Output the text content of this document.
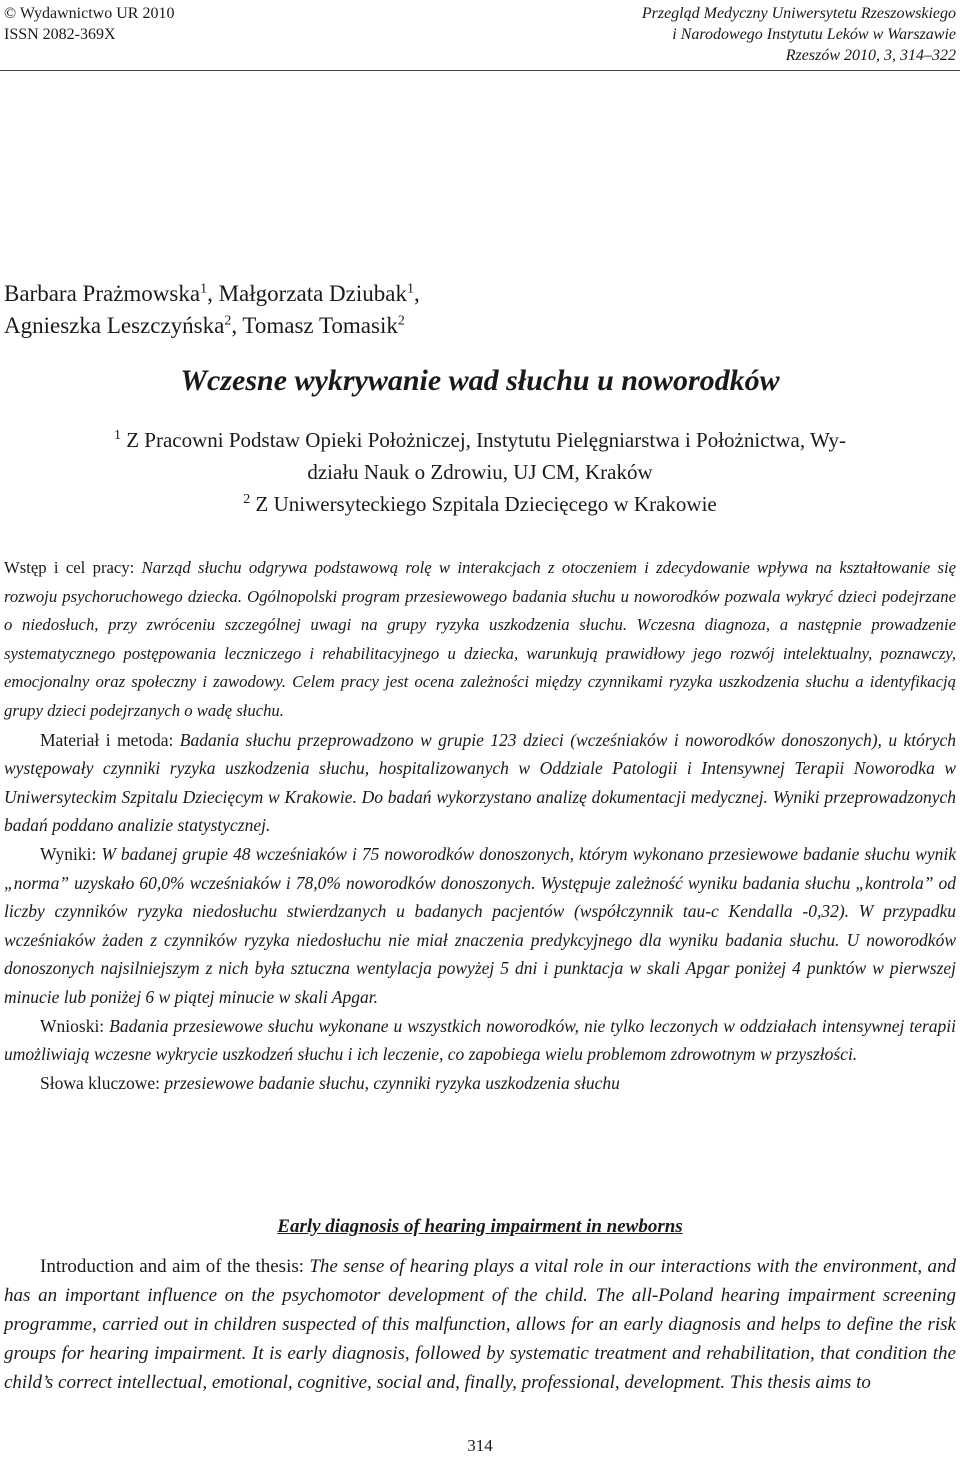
© Wydawnictwo UR 2010
ISSN 2082-369X
Przegląd Medyczny Uniwersytetu Rzeszowskiego
i Narodowego Instytutu Leków w Warszawie
Rzeszów 2010, 3, 314–322
Barbara Prażmowska$^1$, Małgorzata Dziubak$^1$,
Agnieszka Leszczyńska$^2$, Tomasz Tomasik$^2$
Wczesne wykrywanie wad słuchu u noworodków
$^1$ Z Pracowni Podstaw Opieki Położniczej, Instytutu Pielęgniarstwa i Położnictwa, Wy-
działu Nauk o Zdrowiu, UJ CM, Kraków
$^2$ Z Uniwersyteckiego Szpitala Dziecięcego w Krakowie

Wstęp i cel pracy: Narząd słuchu odgrywa podstawową rolę w interakcjach z otoczeniem i zdecydowanie wpływa na kształtowanie się rozwoju psychoruchowego dziecka. Ogólnopolski program przesiewowego badania słuchu u noworodków pozwala wykryć dzieci podejrzane o niedosłuch, przy zwróceniu szczególnej uwagi na grupy ryzyka uszkodzenia słuchu. Wczesna diagnoza, a następnie prowadzenie systematycznego postępowania leczniczego i rehabilitacyjnego u dziecka, warunkują prawidłowy jego rozwój intelektualny, poznawczy, emocjonalny oraz społeczny i zawodowy. Celem pracy jest ocena zależności między czynnikami ryzyka uszkodzenia słuchu a identyfikacją grupy dzieci podejrzanych o wadę słuchu.

Materiał i metoda: Badania słuchu przeprowadzono w grupie 123 dzieci (wcześniaków i noworodków donoszonych), u których występowały czynniki ryzyka uszkodzenia słuchu, hospitalizowanych w Oddziale Patologii i Intensywnej Terapii Noworodka w Uniwersyteckim Szpitalu Dziecięcym w Krakowie. Do badań wykorzystano analizę dokumentacji medycznej. Wyniki przeprowadzonych badań poddano analizie statystycznej.

Wyniki: W badanej grupie 48 wcześniaków i 75 noworodków donoszonych, którym wykonano przesiewowe badanie słuchu wynik „norma” uzyskało 60,0% wcześniaków i 78,0% noworodków donoszonych. Występuje zależność wyniku badania słuchu „kontrola” od liczby czynników ryzyka niedosłuchu stwierdzanych u badanych pacjentów (współczynnik tau-c Kendalla -0,32). W przypadku wcześniaków żaden z czynników ryzyka niedosłuchu nie miał znaczenia predykcyjnego dla wyniku badania słuchu. U noworodków donoszonych najsilniejszym z nich była sztuczna wentylacja powyżej 5 dni i punktacja w skali Apgar poniżej 4 punktów w pierwszej minucie lub poniżej 6 w piątej minucie w skali Apgar.

Wnioski: Badania przesiewowe słuchu wykonane u wszystkich noworodków, nie tylko leczonych w oddziałach intensywnej terapii umożliwiają wczesne wykrycie uszkodzeń słuchu i ich leczenie, co zapobiega wielu problemom zdrowotnym w przyszłości.

Słowa kluczowe: przesiewowe badanie słuchu, czynniki ryzyka uszkodzenia słuchu

Early diagnosis of hearing impairment in newborns

Introduction and aim of the thesis: The sense of hearing plays a vital role in our interactions with the environment, and has an important influence on the psychomotor development of the child. The all-Poland hearing impairment screening programme, carried out in children suspected of this malfunction, allows for an early diagnosis and helps to define the risk groups for hearing impairment. It is early diagnosis, followed by systematic treatment and rehabilitation, that condition the child’s correct intellectual, emotional, cognitive, social and, finally, professional, development. This thesis aims to

314
